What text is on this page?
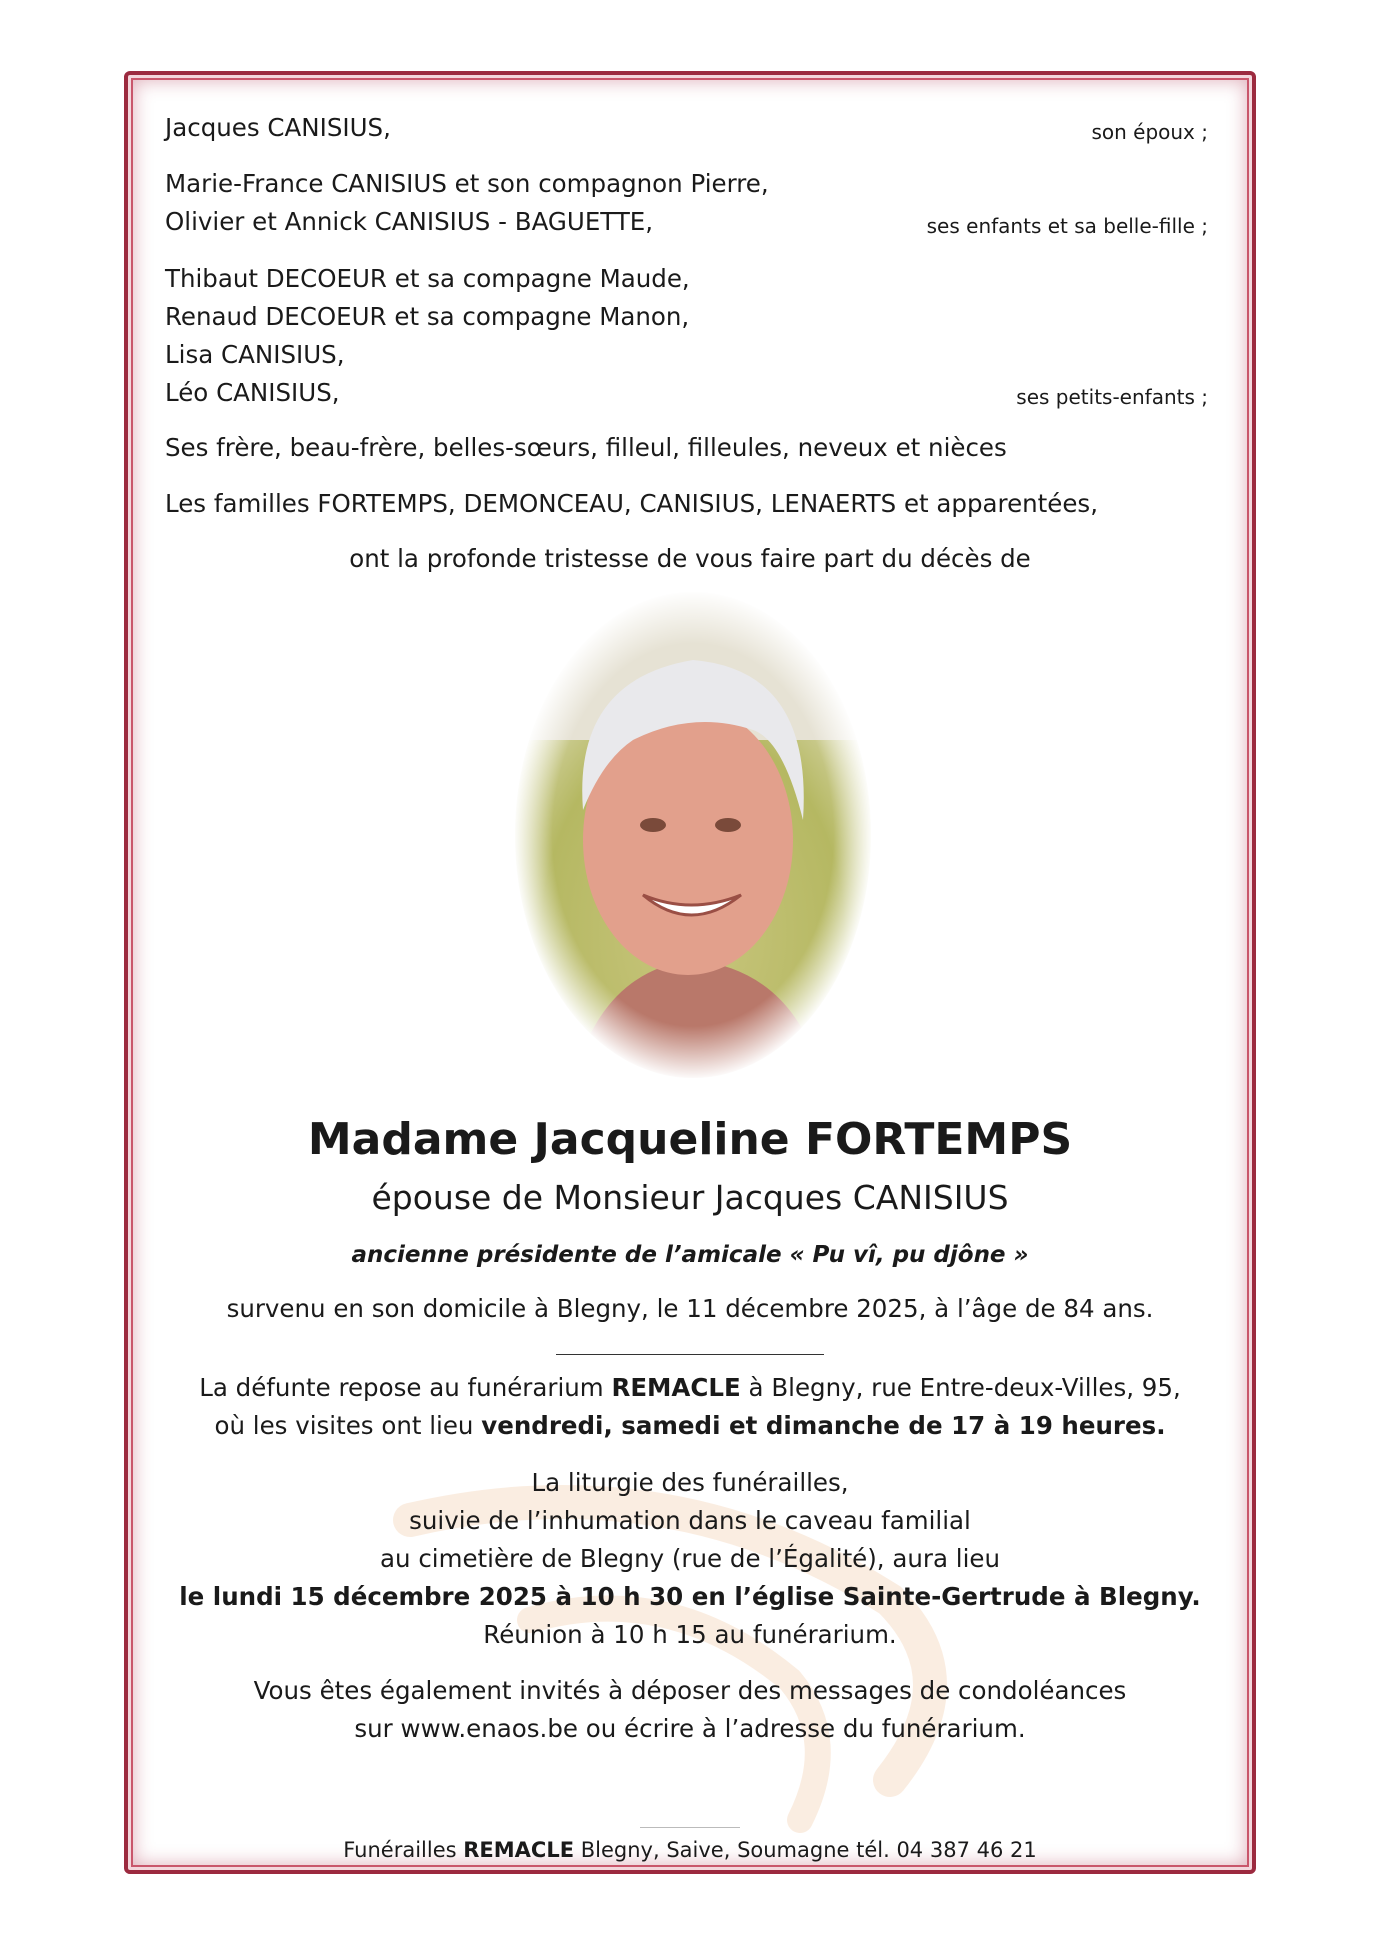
Jacques CANISIUS,	son époux ;
Marie-France CANISIUS et son compagnon Pierre,
Olivier et Annick CANISIUS - BAGUETTE,	ses enfants et sa belle-fille ;
Thibaut DECOEUR et sa compagne Maude,
Renaud DECOEUR et sa compagne Manon,
Lisa CANISIUS,
Léo CANISIUS,	ses petits-enfants ;
Ses frère, beau-frère, belles-sœurs, filleul, filleules, neveux et nièces
Les familles FORTEMPS, DEMONCEAU, CANISIUS, LENAERTS et apparentées,
ont la profonde tristesse de vous faire part du décès de
Madame Jacqueline FORTEMPS
épouse de Monsieur Jacques CANISIUS
ancienne présidente de l’amicale « Pu vî, pu djône »
survenu en son domicile à Blegny, le 11 décembre 2025, à l’âge de 84 ans.
La défunte repose au funérarium REMACLE à Blegny, rue Entre-deux-Villes, 95,
où les visites ont lieu vendredi, samedi et dimanche de 17 à 19 heures.
La liturgie des funérailles,
suivie de l’inhumation dans le caveau familial
au cimetière de Blegny (rue de l’Égalité), aura lieu
le lundi 15 décembre 2025 à 10 h 30 en l’église Sainte-Gertrude à Blegny.
Réunion à 10 h 15 au funérarium.
Vous êtes également invités à déposer des messages de condoléances
sur www.enaos.be ou écrire à l’adresse du funérarium.
Funérailles REMACLE Blegny, Saive, Soumagne tél. 04 387 46 21
